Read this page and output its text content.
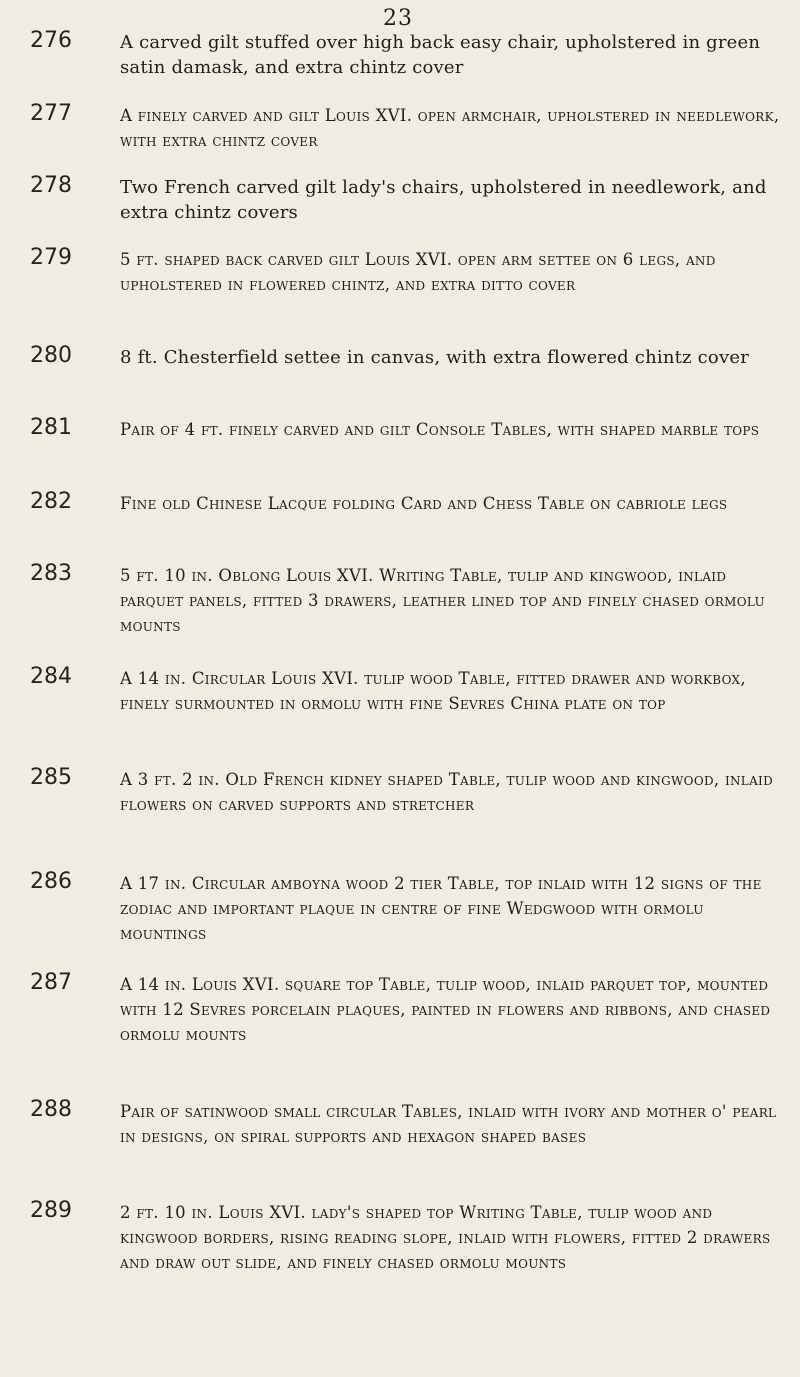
23
276	A carved gilt stuffed over high back easy chair, upholstered in green satin damask, and extra chintz cover

277	A finely carved and gilt Louis XVI. open armchair, upholstered in needlework, with extra chintz cover

278	Two French carved gilt lady's chairs, upholstered in needlework, and extra chintz covers

279	5 ft. shaped back carved gilt Louis XVI. open arm settee on 6 legs, and upholstered in flowered chintz, and extra ditto cover

280	8 ft. Chesterfield settee in canvas, with extra flowered chintz cover

281	Pair of 4 ft. finely carved and gilt Console Tables, with shaped marble tops

282	Fine old Chinese Lacque folding Card and Chess Table on cabriole legs

283	5 ft. 10 in. Oblong Louis XVI. Writing Table, tulip and kingwood, inlaid parquet panels, fitted 3 drawers, leather lined top and finely chased ormolu mounts

284	A 14 in. Circular Louis XVI. tulip wood Table, fitted drawer and workbox, finely surmounted in ormolu with fine Sevres China plate on top

285	A 3 ft. 2 in. Old French kidney shaped Table, tulip wood and kingwood, inlaid flowers on carved supports and stretcher

286	A 17 in. Circular amboyna wood 2 tier Table, top inlaid with 12 signs of the zodiac and important plaque in centre of fine Wedgwood with ormolu mountings

287	A 14 in. Louis XVI. square top Table, tulip wood, inlaid parquet top, mounted with 12 Sevres porcelain plaques, painted in flowers and ribbons, and chased ormolu mounts

288	Pair of satinwood small circular Tables, inlaid with ivory and mother o' pearl in designs, on spiral supports and hexagon shaped bases

289	2 ft. 10 in. Louis XVI. lady's shaped top Writing Table, tulip wood and kingwood borders, rising reading slope, inlaid with flowers, fitted 2 drawers and draw out slide, and finely chased ormolu mounts
